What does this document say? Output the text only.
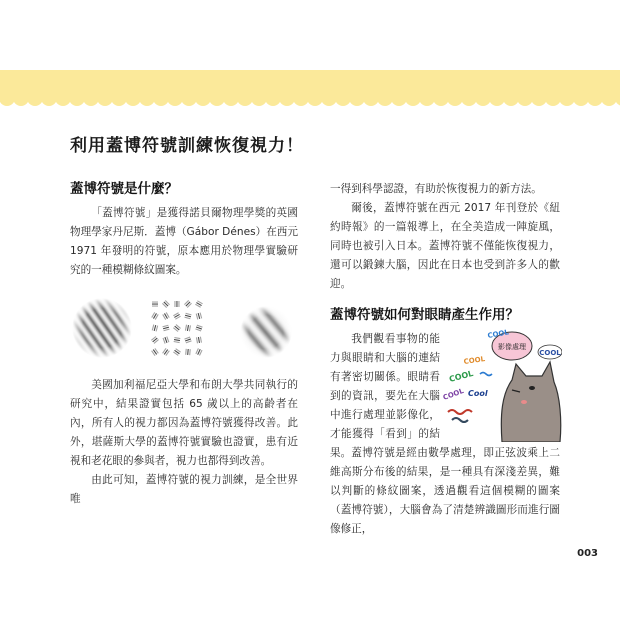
利用蓋博符號訓練恢復視力！
蓋博符號是什麼？

「蓋博符號」是獲得諾貝爾物理學獎的英國物理學家丹尼斯．蓋博（Gábor Dénes）在西元 1971 年發明的符號，原本應用於物理學實驗研究的一種模糊條紋圖案。

美國加利福尼亞大學和布朗大學共同執行的研究中，結果證實包括 65 歲以上的高齡者在內，所有人的視力都因為蓋博符號獲得改善。此外，堪薩斯大學的蓋博符號實驗也證實，患有近視和老花眼的參與者，視力也都得到改善。

由此可知，蓋博符號的視力訓練，是全世界唯

一得到科學認證，有助於恢復視力的新方法。

爾後，蓋博符號在西元 2017 年刊登於《紐約時報》的一篇報導上，在全美造成一陣旋風，同時也被引入日本。蓋博符號不僅能恢復視力，還可以鍛鍊大腦，因此在日本也受到許多人的歡迎。

蓋博符號如何對眼睛產生作用？

我們觀看事物的能力與眼睛和大腦的連結有著密切關係。眼睛看到的資訊，要先在大腦中進行處理並影像化，才能獲得「看到」的結果。

影像處理
COOL
COOL
COOL
COOL
Cool
COOL

蓋博符號是經由數學處理，即正弦波乘上二維高斯分布後的結果，是一種具有深淺差異，難以判斷的條紋圖案，透過觀看這個模糊的圖案（蓋博符號），大腦會為了清楚辨識圖形而進行圖像修正，

003
